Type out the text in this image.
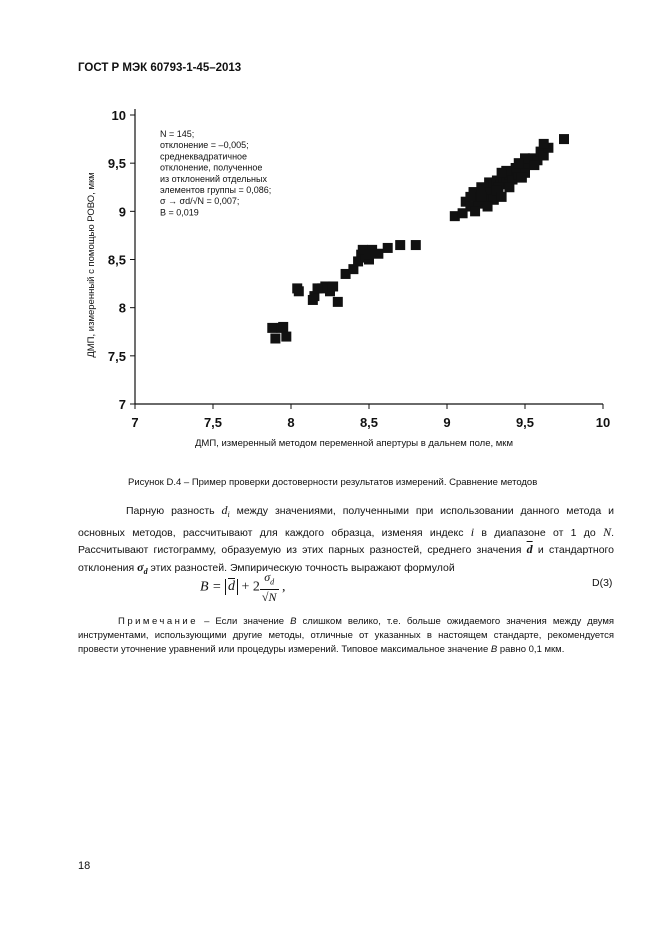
ГОСТ Р МЭК 60793-1-45–2013
7	7,5	8	8,5	9	9,5	10
7
7,5
8
8,5
9
9,5
10
ДМП, измеренный с помощью РОВО, мкм
ДМП, измеренный методом переменной апертуры в дальнем поле, мкм
N = 145;
отклонение = –0,005;
среднеквадратичное
отклонение, полученное
из отклонений отдельных
элементов группы = 0,086;
σ → σd/√N = 0,007;
B = 0,019
Рисунок D.4 – Пример проверки достоверности результатов измерений. Сравнение методов
Парную разность $d_i$ между значениями, полученными при использовании данного метода и основных методов, рассчитывают для каждого образца, изменяя индекс i в диапазоне от 1 до N. Рассчитывают гистограмму, образуемую из этих парных разностей, среднего значения $\overline{d}$ и стандартного отклонения $\sigma_d$ этих разностей. Эмпирическую точность выражают формулой
$B = \overline{d} + 2 \frac{\sigma_d}{√N}$ ,	D(3)
Примечание – Если значение B слишком велико, т.е. больше ожидаемого значения между двумя инструментами, использующими другие методы, отличные от указанных в настоящем стандарте, рекомендуется провести уточнение уравнений или процедуры измерений. Типовое максимальное значение B равно 0,1 мкм.
18
